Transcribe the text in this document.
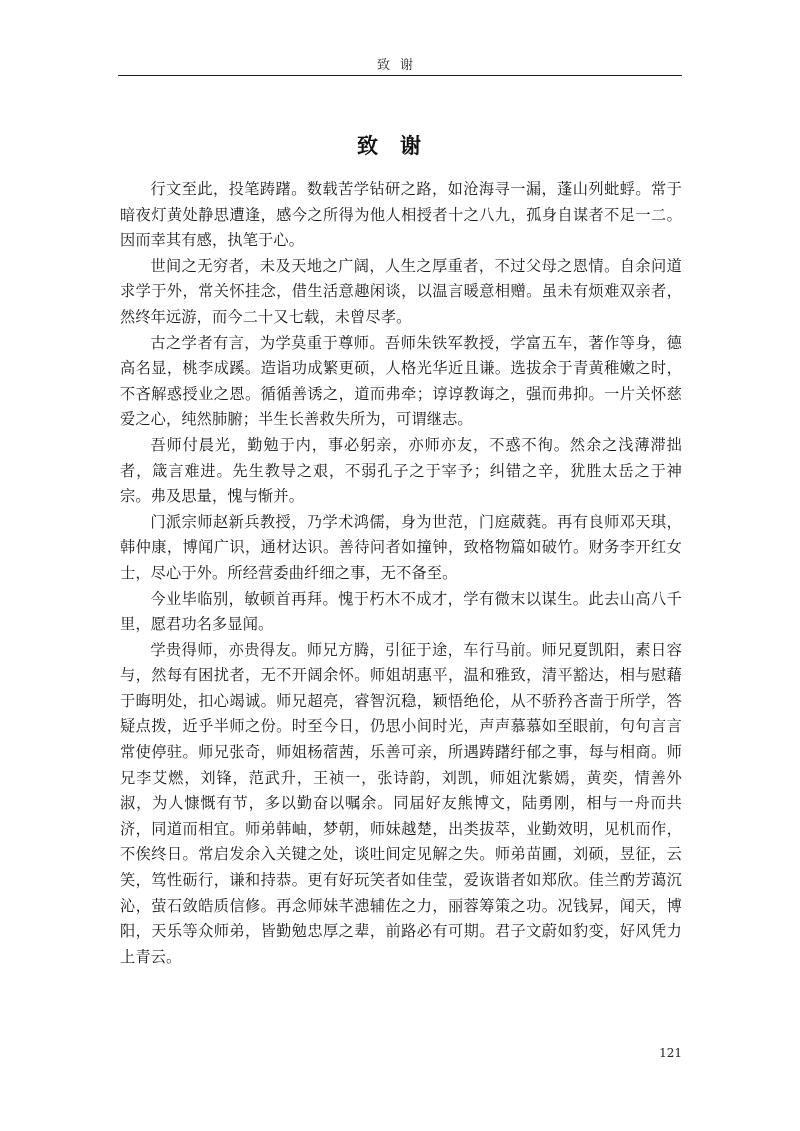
致谢
致谢

行文至此，投笔踌躇。数载苦学钻研之路，如沧海寻一漏，蓬山列蚍蜉。常于暗夜灯黄处静思遭逢，感今之所得为他人相授者十之八九，孤身自谋者不足一二。因而幸其有感，执笔于心。

世间之无穷者，未及天地之广阔，人生之厚重者，不过父母之恩情。自余问道求学于外，常关怀挂念，借生活意趣闲谈，以温言暖意相赠。虽未有烦难双亲者，然终年远游，而今二十又七载，未曾尽孝。

古之学者有言，为学莫重于尊师。吾师朱铁军教授，学富五车，著作等身，德高名显，桃李成蹊。造诣功成繁更硕，人格光华近且谦。选拔余于青黄稚嫩之时，不吝解惑授业之恩。循循善诱之，道而弗牵；谆谆教诲之，强而弗抑。一片关怀慈爱之心，纯然肺腑；半生长善救失所为，可谓继志。

吾师付晨光，勤勉于内，事必躬亲，亦师亦友，不惑不徇。然余之浅薄滞拙者，箴言难进。先生教导之艰，不弱孔子之于宰予；纠错之辛，犹胜太岳之于神宗。弗及思量，愧与惭并。

门派宗师赵新兵教授，乃学术鸿儒，身为世范，门庭葳蕤。再有良师邓天琪，韩仲康，博闻广识，通材达识。善待问者如撞钟，致格物篇如破竹。财务李开红女士，尽心于外。所经营委曲纤细之事，无不备至。

今业毕临别，敏顿首再拜。愧于朽木不成才，学有微末以谋生。此去山高八千里，愿君功名多显闻。

学贵得师，亦贵得友。师兄方腾，引征于途，车行马前。师兄夏凯阳，素日容与，然每有困扰者，无不开阔余怀。师姐胡惠平，温和雅致，清平豁达，相与慰藉于晦明处，扣心竭诚。师兄超亮，睿智沉稳，颖悟绝伦，从不骄矜吝啬于所学，答疑点拨，近乎半师之份。时至今日，仍思小间时光，声声慕慕如至眼前，句句言言常使停驻。师兄张奇，师姐杨蓿茜，乐善可亲，所遇踌躇纡郁之事，每与相商。师兄李艾燃，刘锋，范武升，王祯一，张诗韵，刘凯，师姐沈紫嫣，黄奕，情善外淑，为人慷慨有节，多以勤奋以嘱余。同届好友熊博文，陆勇刚，相与一舟而共济，同道而相宜。师弟韩岫，梦朝，师妹越楚，出类拔萃，业勤效明，见机而作，不俟终日。常启发余入关键之处，谈吐间定见解之失。师弟苗圃，刘硕，昱征，云笑，笃性砺行，谦和持恭。更有好玩笑者如佳莹，爱诙谐者如郑欣。佳兰酌芳蔼沉沁，萤石敛皓质信修。再念师妹芊漶辅佐之力，丽蓉筹策之功。况钱昇，闻天，博阳，天乐等众师弟，皆勤勉忠厚之辈，前路必有可期。君子文蔚如豹变，好风凭力上青云。

121
